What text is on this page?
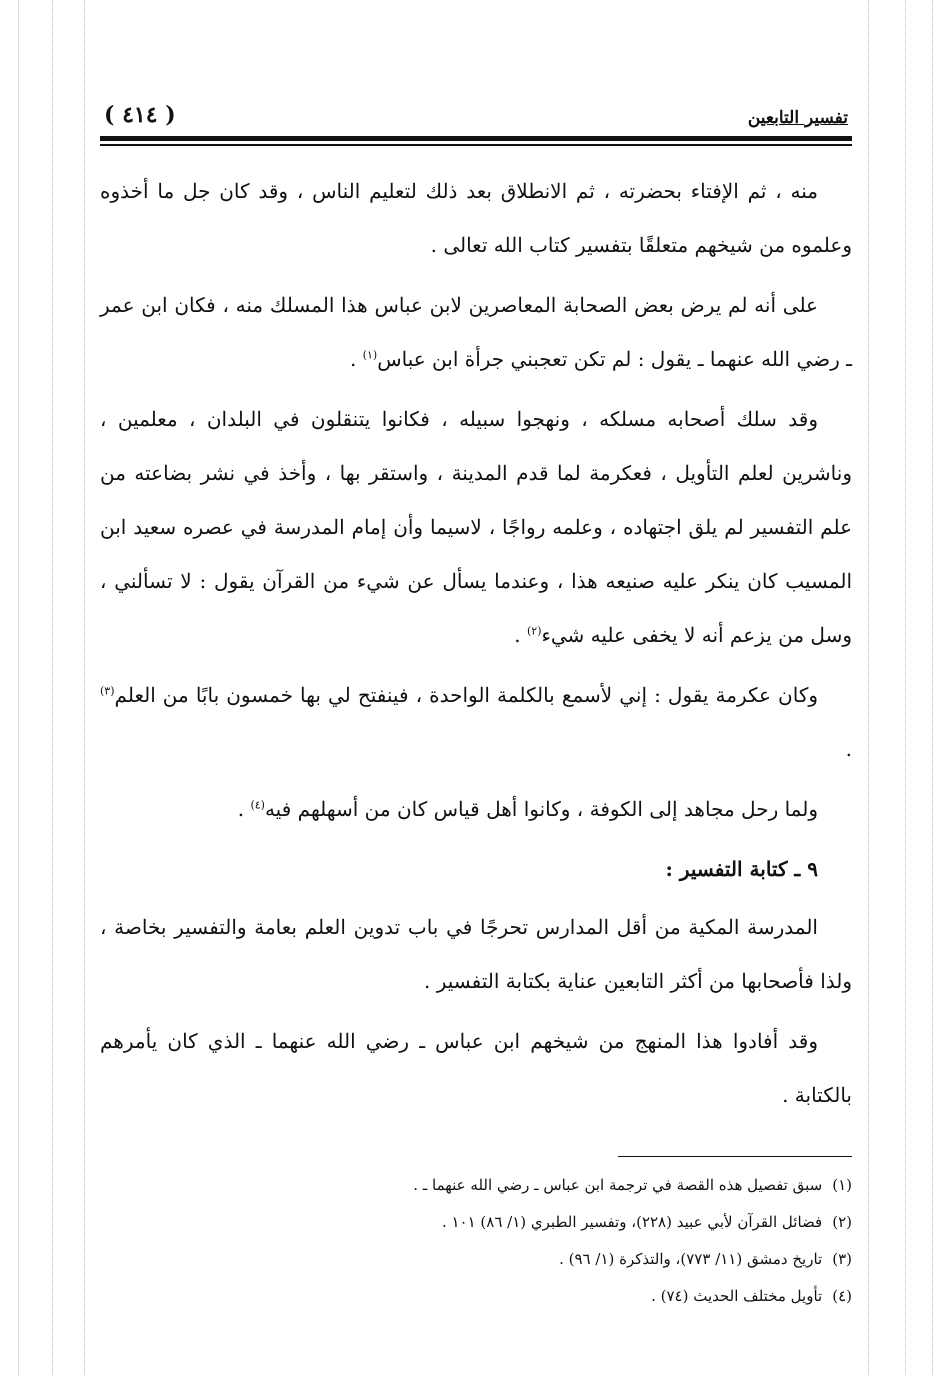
تفسير التابعين
( ٤١٤ )

منه ، ثم الإفتاء بحضرته ، ثم الانطلاق بعد ذلك لتعليم الناس ، وقد كان جل ما أخذوه وعلموه من شيخهم متعلقًا بتفسير كتاب الله تعالى .

على أنه لم يرض بعض الصحابة المعاصرين لابن عباس هذا المسلك منه ، فكان ابن عمر ـ رضي الله عنهما ـ يقول : لم تكن تعجبني جرأة ابن عباس$^{(١)}$ .

وقد سلك أصحابه مسلكه ، ونهجوا سبيله ، فكانوا يتنقلون في البلدان ، معلمين ، وناشرين لعلم التأويل ، فعكرمة لما قدم المدينة ، واستقر بها ، وأخذ في نشر بضاعته من علم التفسير لم يلق اجتهاده ، وعلمه رواجًا ، لاسيما وأن إمام المدرسة في عصره سعيد ابن المسيب كان ينكر عليه صنيعه هذا ، وعندما يسأل عن شيء من القرآن يقول : لا تسألني ، وسل من يزعم أنه لا يخفى عليه شيء$^{(٢)}$ .

وكان عكرمة يقول : إني لأسمع بالكلمة الواحدة ، فينفتح لي بها خمسون بابًا من العلم$^{(٣)}$ .

ولما رحل مجاهد إلى الكوفة ، وكانوا أهل قياس كان من أسهلهم فيه$^{(٤)}$ .

٩ ـ كتابة التفسير :

المدرسة المكية من أقل المدارس تحرجًا في باب تدوين العلم بعامة والتفسير بخاصة ، ولذا فأصحابها من أكثر التابعين عناية بكتابة التفسير .

وقد أفادوا هذا المنهج من شيخهم ابن عباس ـ رضي الله عنهما ـ الذي كان يأمرهم بالكتابة .

(١)
سبق تفصيل هذه القصة في ترجمة ابن عباس ـ رضي الله عنهما ـ .
(٢)
فضائل القرآن لأبي عبيد (٢٢٨)، وتفسير الطبري (١/ ٨٦) ١٠١ .
(٣)
تاريخ دمشق (١١/ ٧٧٣)، والتذكرة (١/ ٩٦) .
(٤)
تأويل مختلف الحديث (٧٤) .
